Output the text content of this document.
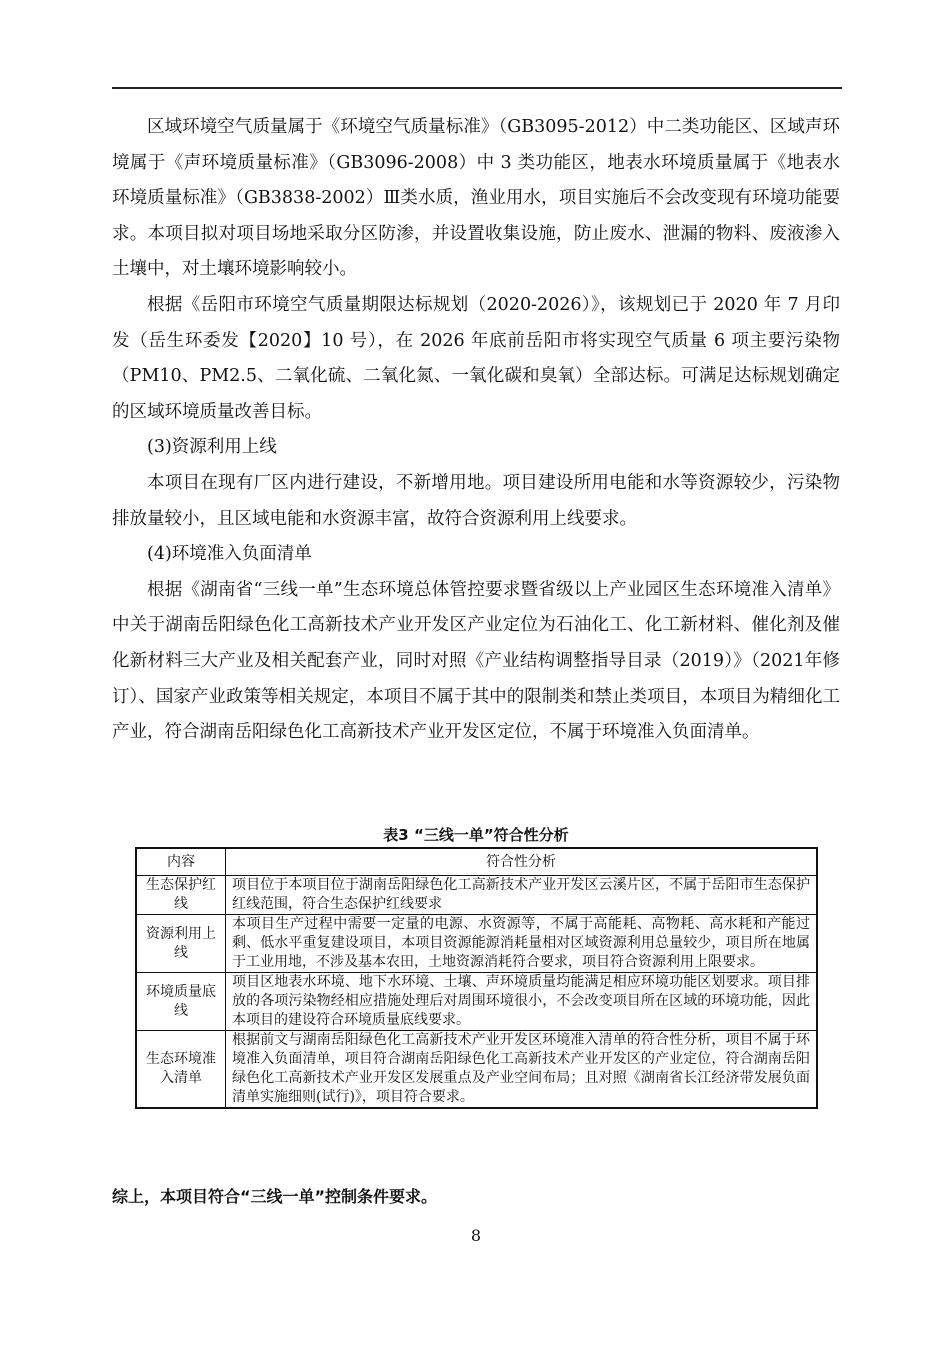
区域环境空气质量属于《环境空气质量标准》（GB3095-2012）中二类功能区、区域声环境属于《声环境质量标准》（GB3096-2008）中 3 类功能区，地表水环境质量属于《地表水环境质量标准》（GB3838-2002）Ⅲ类水质，渔业用水，项目实施后不会改变现有环境功能要求。本项目拟对项目场地采取分区防渗，并设置收集设施，防止废水、泄漏的物料、废液渗入土壤中，对土壤环境影响较小。

根据《岳阳市环境空气质量期限达标规划（2020-2026）》，该规划已于 2020 年 7 月印发（岳生环委发【2020】10 号），在 2026 年底前岳阳市将实现空气质量 6 项主要污染物（PM10、PM2.5、二氧化硫、二氧化氮、一氧化碳和臭氧）全部达标。可满足达标规划确定的区域环境质量改善目标。

(3)资源利用上线

本项目在现有厂区内进行建设，不新增用地。项目建设所用电能和水等资源较少，污染物排放量较小，且区域电能和水资源丰富，故符合资源利用上线要求。

(4)环境准入负面清单

根据《湖南省“三线一单”生态环境总体管控要求暨省级以上产业园区生态环境准入清单》中关于湖南岳阳绿色化工高新技术产业开发区产业定位为石油化工、化工新材料、催化剂及催化新材料三大产业及相关配套产业，同时对照《产业结构调整指导目录（2019）》（2021年修订）、国家产业政策等相关规定，本项目不属于其中的限制类和禁止类项目，本项目为精细化工产业，符合湖南岳阳绿色化工高新技术产业开发区定位，不属于环境准入负面清单。

表3 “三线一单”符合性分析
内容	符合性分析
生态保护红线	项目位于本项目位于湖南岳阳绿色化工高新技术产业开发区云溪片区，不属于岳阳市生态保护红线范围，符合生态保护红线要求
资源利用上线	本项目生产过程中需要一定量的电源、水资源等，不属于高能耗、高物耗、高水耗和产能过剩、低水平重复建设项目，本项目资源能源消耗量相对区域资源利用总量较少，项目所在地属于工业用地，不涉及基本农田，土地资源消耗符合要求，项目符合资源利用上限要求。
环境质量底线	项目区地表水环境、地下水环境、土壤、声环境质量均能满足相应环境功能区划要求。项目排放的各项污染物经相应措施处理后对周围环境很小，不会改变项目所在区域的环境功能，因此本项目的建设符合环境质量底线要求。
生态环境准入清单	根据前文与湖南岳阳绿色化工高新技术产业开发区环境准入清单的符合性分析，项目不属于环境准入负面清单，项目符合湖南岳阳绿色化工高新技术产业开发区的产业定位，符合湖南岳阳绿色化工高新技术产业开发区发展重点及产业空间布局；且对照《湖南省长江经济带发展负面清单实施细则(试行)》，项目符合要求。
综上，本项目符合“三线一单”控制条件要求。
8
